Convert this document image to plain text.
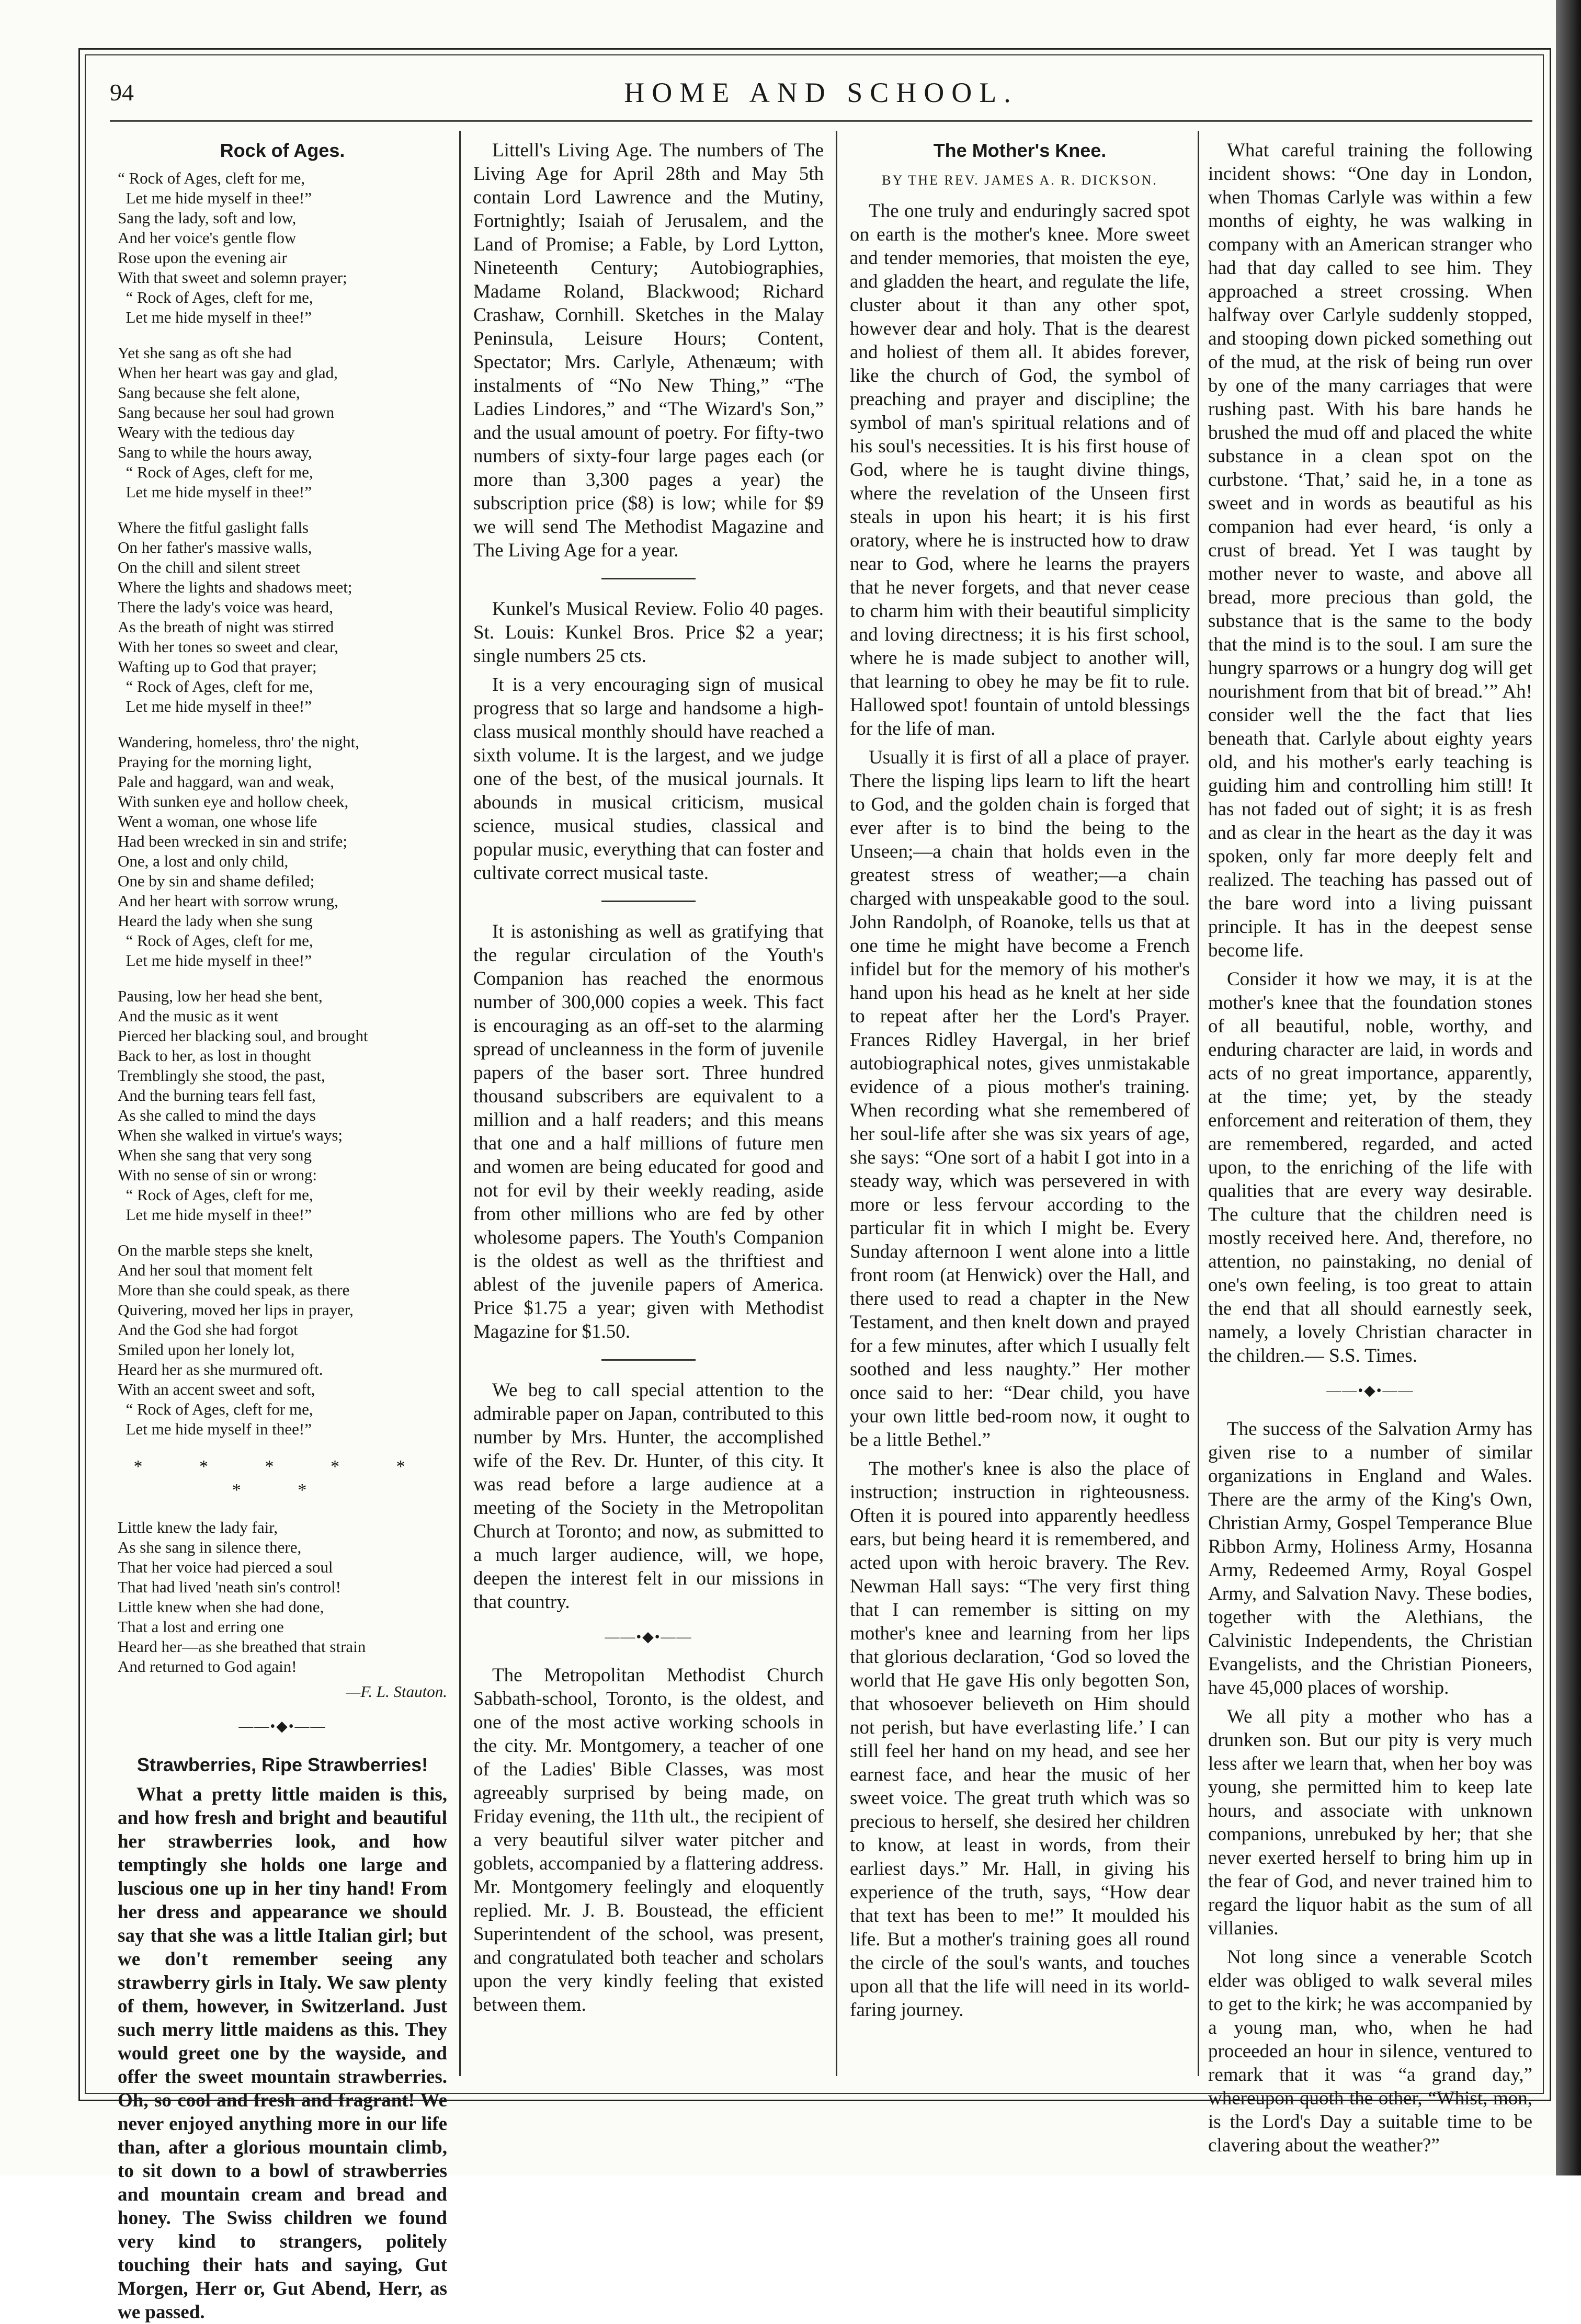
94	HOME AND SCHOOL.
Rock of Ages.
“ Rock of Ages, cleft for me,
Let me hide myself in thee!”
Sang the lady, soft and low,
And her voice's gentle flow
Rose upon the evening air
With that sweet and solemn prayer;
“ Rock of Ages, cleft for me,
Let me hide myself in thee!”
Yet she sang as oft she had
When her heart was gay and glad,
Sang because she felt alone,
Sang because her soul had grown
Weary with the tedious day
Sang to while the hours away,
“ Rock of Ages, cleft for me,
Let me hide myself in thee!”
Where the fitful gaslight falls
On her father's massive walls,
On the chill and silent street
Where the lights and shadows meet;
There the lady's voice was heard,
As the breath of night was stirred
With her tones so sweet and clear,
Wafting up to God that prayer;
“ Rock of Ages, cleft for me,
Let me hide myself in thee!”
Wandering, homeless, thro' the night,
Praying for the morning light,
Pale and haggard, wan and weak,
With sunken eye and hollow cheek,
Went a woman, one whose life
Had been wrecked in sin and strife;
One, a lost and only child,
One by sin and shame defiled;
And her heart with sorrow wrung,
Heard the lady when she sung
“ Rock of Ages, cleft for me,
Let me hide myself in thee!”
Pausing, low her head she bent,
And the music as it went
Pierced her blacking soul, and brought
Back to her, as lost in thought
Tremblingly she stood, the past,
And the burning tears fell fast,
As she called to mind the days
When she walked in virtue's ways;
When she sang that very song
With no sense of sin or wrong:
“ Rock of Ages, cleft for me,
Let me hide myself in thee!”
On the marble steps she knelt,
And her soul that moment felt
More than she could speak, as there
Quivering, moved her lips in prayer,
And the God she had forgot
Smiled upon her lonely lot,
Heard her as she murmured oft.
With an accent sweet and soft,
“ Rock of Ages, cleft for me,
Let me hide myself in thee!”
* * * * * * *
Little knew the lady fair,
As she sang in silence there,
That her voice had pierced a soul
That had lived 'neath sin's control!
Little knew when she had done,
That a lost and erring one
Heard her—as she breathed that strain
And returned to God again!
—F. L. Stauton.
——•◆•——
Strawberries, Ripe Strawberries!

What a pretty little maiden is this, and how fresh and bright and beautiful her strawberries look, and how temptingly she holds one large and luscious one up in her tiny hand! From her dress and appearance we should say that she was a little Italian girl; but we don't remember seeing any strawberry girls in Italy. We saw plenty of them, however, in Switzerland. Just such merry little maidens as this. They would greet one by the wayside, and offer the sweet mountain strawberries. Oh, so cool and fresh and fragrant! We never enjoyed anything more in our life than, after a glorious mountain climb, to sit down to a bowl of strawberries and mountain cream and bread and honey. The Swiss children we found very kind to strangers, politely touching their hats and saying, Gut Morgen, Herr or, Gut Abend, Herr, as we passed.

Littell's Living Age. The numbers of The Living Age for April 28th and May 5th contain Lord Lawrence and the Mutiny, Fortnightly; Isaiah of Jerusalem, and the Land of Promise; a Fable, by Lord Lytton, Nineteenth Century; Autobiographies, Madame Roland, Blackwood; Richard Crashaw, Cornhill. Sketches in the Malay Peninsula, Leisure Hours; Content, Spectator; Mrs. Carlyle, Athenæum; with instalments of “No New Thing,” “The Ladies Lindores,” and “The Wizard's Son,” and the usual amount of poetry. For fifty-two numbers of sixty-four large pages each (or more than 3,300 pages a year) the subscription price ($8) is low; while for $9 we will send The Methodist Magazine and The Living Age for a year.

Kunkel's Musical Review. Folio 40 pages. St. Louis: Kunkel Bros. Price $2 a year; single numbers 25 cts.

It is a very encouraging sign of musical progress that so large and handsome a high-class musical monthly should have reached a sixth volume. It is the largest, and we judge one of the best, of the musical journals. It abounds in musical criticism, musical science, musical studies, classical and popular music, everything that can foster and cultivate correct musical taste.

It is astonishing as well as gratifying that the regular circulation of the Youth's Companion has reached the enormous number of 300,000 copies a week. This fact is encouraging as an off-set to the alarming spread of uncleanness in the form of juvenile papers of the baser sort. Three hundred thousand subscribers are equivalent to a million and a half readers; and this means that one and a half millions of future men and women are being educated for good and not for evil by their weekly reading, aside from other millions who are fed by other wholesome papers. The Youth's Companion is the oldest as well as the thriftiest and ablest of the juvenile papers of America. Price $1.75 a year; given with Methodist Magazine for $1.50.

We beg to call special attention to the admirable paper on Japan, contributed to this number by Mrs. Hunter, the accomplished wife of the Rev. Dr. Hunter, of this city. It was read before a large audience at a meeting of the Society in the Metropolitan Church at Toronto; and now, as submitted to a much larger audience, will, we hope, deepen the interest felt in our missions in that country.

——•◆•——

The Metropolitan Methodist Church Sabbath-school, Toronto, is the oldest, and one of the most active working schools in the city. Mr. Montgomery, a teacher of one of the Ladies' Bible Classes, was most agreeably surprised by being made, on Friday evening, the 11th ult., the recipient of a very beautiful silver water pitcher and goblets, accompanied by a flattering address. Mr. Montgomery feelingly and eloquently replied. Mr. J. B. Boustead, the efficient Superintendent of the school, was present, and congratulated both teacher and scholars upon the very kindly feeling that existed between them.

The Mother's Knee.
BY THE REV. JAMES A. R. DICKSON.

The one truly and enduringly sacred spot on earth is the mother's knee. More sweet and tender memories, that moisten the eye, and gladden the heart, and regulate the life, cluster about it than any other spot, however dear and holy. That is the dearest and holiest of them all. It abides forever, like the church of God, the symbol of preaching and prayer and discipline; the symbol of man's spiritual relations and of his soul's necessities. It is his first house of God, where he is taught divine things, where the revelation of the Unseen first steals in upon his heart; it is his first oratory, where he is instructed how to draw near to God, where he learns the prayers that he never forgets, and that never cease to charm him with their beautiful simplicity and loving directness; it is his first school, where he is made subject to another will, that learning to obey he may be fit to rule. Hallowed spot! fountain of untold blessings for the life of man.

Usually it is first of all a place of prayer. There the lisping lips learn to lift the heart to God, and the golden chain is forged that ever after is to bind the being to the Unseen;—a chain that holds even in the greatest stress of weather;—a chain charged with unspeakable good to the soul. John Randolph, of Roanoke, tells us that at one time he might have become a French infidel but for the memory of his mother's hand upon his head as he knelt at her side to repeat after her the Lord's Prayer. Frances Ridley Havergal, in her brief autobiographical notes, gives unmistakable evidence of a pious mother's training. When recording what she remembered of her soul-life after she was six years of age, she says: “One sort of a habit I got into in a steady way, which was persevered in with more or less fervour according to the particular fit in which I might be. Every Sunday afternoon I went alone into a little front room (at Henwick) over the Hall, and there used to read a chapter in the New Testament, and then knelt down and prayed for a few minutes, after which I usually felt soothed and less naughty.” Her mother once said to her: “Dear child, you have your own little bed-room now, it ought to be a little Bethel.”

The mother's knee is also the place of instruction; instruction in righteousness. Often it is poured into apparently heedless ears, but being heard it is remembered, and acted upon with heroic bravery. The Rev. Newman Hall says: “The very first thing that I can remember is sitting on my mother's knee and learning from her lips that glorious declaration, ‘God so loved the world that He gave His only begotten Son, that whosoever believeth on Him should not perish, but have everlasting life.’ I can still feel her hand on my head, and see her earnest face, and hear the music of her sweet voice. The great truth which was so precious to herself, she desired her children to know, at least in words, from their earliest days.” Mr. Hall, in giving his experience of the truth, says, “How dear that text has been to me!” It moulded his life. But a mother's training goes all round the circle of the soul's wants, and touches upon all that the life will need in its world-faring journey.

What careful training the following incident shows: “One day in London, when Thomas Carlyle was within a few months of eighty, he was walking in company with an American stranger who had that day called to see him. They approached a street crossing. When halfway over Carlyle suddenly stopped, and stooping down picked something out of the mud, at the risk of being run over by one of the many carriages that were rushing past. With his bare hands he brushed the mud off and placed the white substance in a clean spot on the curbstone. ‘That,’ said he, in a tone as sweet and in words as beautiful as his companion had ever heard, ‘is only a crust of bread. Yet I was taught by mother never to waste, and above all bread, more precious than gold, the substance that is the same to the body that the mind is to the soul. I am sure the hungry sparrows or a hungry dog will get nourishment from that bit of bread.’” Ah! consider well the the fact that lies beneath that. Carlyle about eighty years old, and his mother's early teaching is guiding him and controlling him still! It has not faded out of sight; it is as fresh and as clear in the heart as the day it was spoken, only far more deeply felt and realized. The teaching has passed out of the bare word into a living puissant principle. It has in the deepest sense become life.

Consider it how we may, it is at the mother's knee that the foundation stones of all beautiful, noble, worthy, and enduring character are laid, in words and acts of no great importance, apparently, at the time; yet, by the steady enforcement and reiteration of them, they are remembered, regarded, and acted upon, to the enriching of the life with qualities that are every way desirable. The culture that the children need is mostly received here. And, therefore, no attention, no painstaking, no denial of one's own feeling, is too great to attain the end that all should earnestly seek, namely, a lovely Christian character in the children.— S.S. Times.

——•◆•——

The success of the Salvation Army has given rise to a number of similar organizations in England and Wales. There are the army of the King's Own, Christian Army, Gospel Temperance Blue Ribbon Army, Holiness Army, Hosanna Army, Redeemed Army, Royal Gospel Army, and Salvation Navy. These bodies, together with the Alethians, the Calvinistic Independents, the Christian Evangelists, and the Christian Pioneers, have 45,000 places of worship.

We all pity a mother who has a drunken son. But our pity is very much less after we learn that, when her boy was young, she permitted him to keep late hours, and associate with unknown companions, unrebuked by her; that she never exerted herself to bring him up in the fear of God, and never trained him to regard the liquor habit as the sum of all villanies.

Not long since a venerable Scotch elder was obliged to walk several miles to get to the kirk; he was accompanied by a young man, who, when he had proceeded an hour in silence, ventured to remark that it was “a grand day,” whereupon quoth the other, “Whist, mon, is the Lord's Day a suitable time to be clavering about the weather?”
